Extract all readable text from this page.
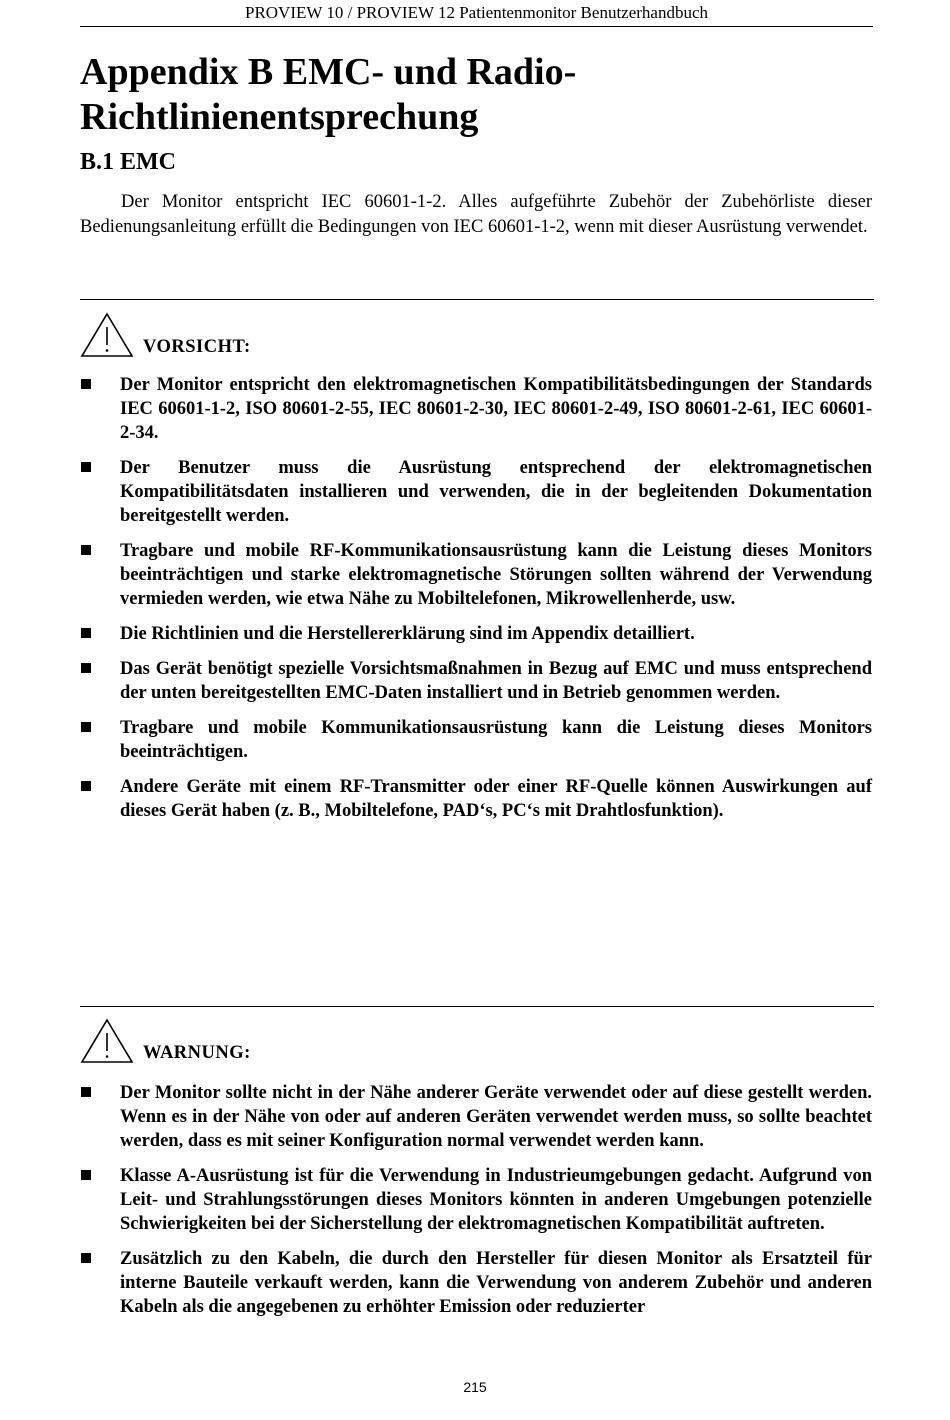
PROVIEW 10 / PROVIEW 12 Patientenmonitor Benutzerhandbuch
Appendix B EMC- und Radio-Richtlinienentsprechung
B.1 EMC

Der Monitor entspricht IEC 60601-1-2. Alles aufgeführte Zubehör der Zubehörliste dieser Bedienungsanleitung erfüllt die Bedingungen von IEC 60601-1-2, wenn mit dieser Ausrüstung verwendet.

VORSICHT:
Der Monitor entspricht den elektromagnetischen Kompatibilitätsbedingungen der Standards IEC 60601-1-2, ISO 80601-2-55, IEC 80601-2-30, IEC 80601-2-49, ISO 80601-2-61, IEC 60601-2-34.
Der Benutzer muss die Ausrüstung entsprechend der elektromagnetischen Kompatibilitätsdaten installieren und verwenden, die in der begleitenden Dokumentation bereitgestellt werden.
Tragbare und mobile RF-Kommunikationsausrüstung kann die Leistung dieses Monitors beeinträchtigen und starke elektromagnetische Störungen sollten während der Verwendung vermieden werden, wie etwa Nähe zu Mobiltelefonen, Mikrowellenherde, usw.
Die Richtlinien und die Herstellererklärung sind im Appendix detailliert.
Das Gerät benötigt spezielle Vorsichtsmaßnahmen in Bezug auf EMC und muss entsprechend der unten bereitgestellten EMC-Daten installiert und in Betrieb genommen werden.
Tragbare und mobile Kommunikationsausrüstung kann die Leistung dieses Monitors beeinträchtigen.
Andere Geräte mit einem RF-Transmitter oder einer RF-Quelle können Auswirkungen auf dieses Gerät haben (z. B., Mobiltelefone, PAD‘s, PC‘s mit Drahtlosfunktion).
WARNUNG:
Der Monitor sollte nicht in der Nähe anderer Geräte verwendet oder auf diese gestellt werden. Wenn es in der Nähe von oder auf anderen Geräten verwendet werden muss, so sollte beachtet werden, dass es mit seiner Konfiguration normal verwendet werden kann.
Klasse A-Ausrüstung ist für die Verwendung in Industrieumgebungen gedacht. Aufgrund von Leit- und Strahlungsstörungen dieses Monitors könnten in anderen Umgebungen potenzielle Schwierigkeiten bei der Sicherstellung der elektromagnetischen Kompatibilität auftreten.
Zusätzlich zu den Kabeln, die durch den Hersteller für diesen Monitor als Ersatzteil für interne Bauteile verkauft werden, kann die Verwendung von anderem Zubehör und anderen Kabeln als die angegebenen zu erhöhter Emission oder reduzierter
215
